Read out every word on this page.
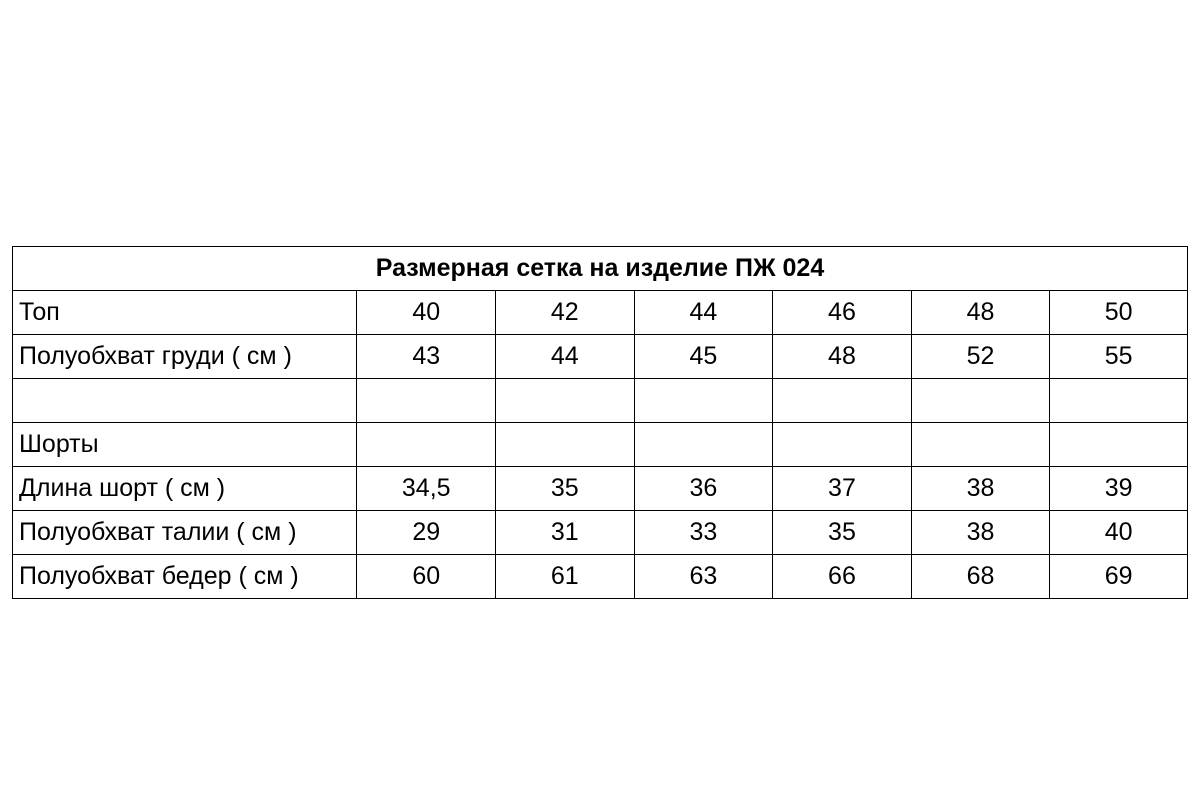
Размерная сетка на изделие ПЖ 024						
Топ	40	42	44	46	48	50
Полуобхват груди ( см )	43	44	45	48	52	55

Шорты						
Длина шорт ( см )	34,5	35	36	37	38	39
Полуобхват талии ( см )	29	31	33	35	38	40
Полуобхват бедер ( см )	60	61	63	66	68	69
